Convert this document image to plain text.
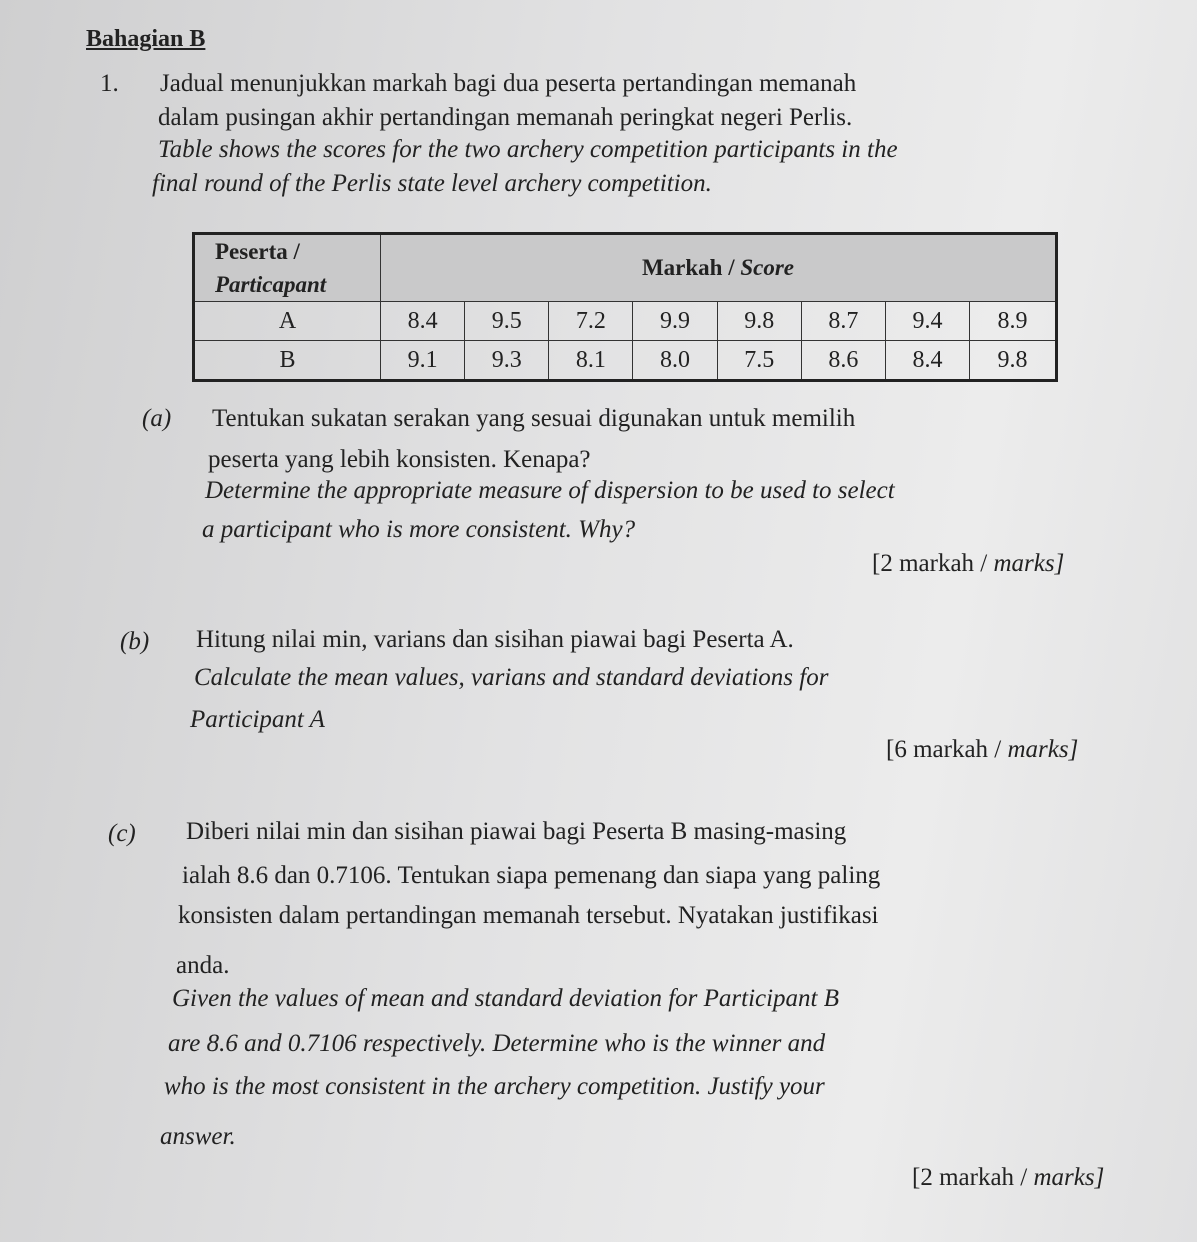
Bahagian B
1. Jadual menunjukkan markah bagi dua peserta pertandingan memanah
dalam pusingan akhir pertandingan memanah peringkat negeri Perlis.
Table shows the scores for the two archery competition participants in the
final round of the Perlis state level archery competition.
Peserta /
Particapant	Markah / Score							
A	8.4	9.5	7.2	9.9	9.8	8.7	9.4	8.9
B	9.1	9.3	8.1	8.0	7.5	8.6	8.4	9.8
(a) Tentukan sukatan serakan yang sesuai digunakan untuk memilih
peserta yang lebih konsisten. Kenapa?
Determine the appropriate measure of dispersion to be used to select
a participant who is more consistent. Why?
[2 markah / marks]
(b) Hitung nilai min, varians dan sisihan piawai bagi Peserta A.
Calculate the mean values, varians and standard deviations for
Participant A
[6 markah / marks]
(c) Diberi nilai min dan sisihan piawai bagi Peserta B masing-masing
ialah 8.6 dan 0.7106. Tentukan siapa pemenang dan siapa yang paling
konsisten dalam pertandingan memanah tersebut. Nyatakan justifikasi
anda.
Given the values of mean and standard deviation for Participant B
are 8.6 and 0.7106 respectively. Determine who is the winner and
who is the most consistent in the archery competition. Justify your
answer.
[2 markah / marks]
